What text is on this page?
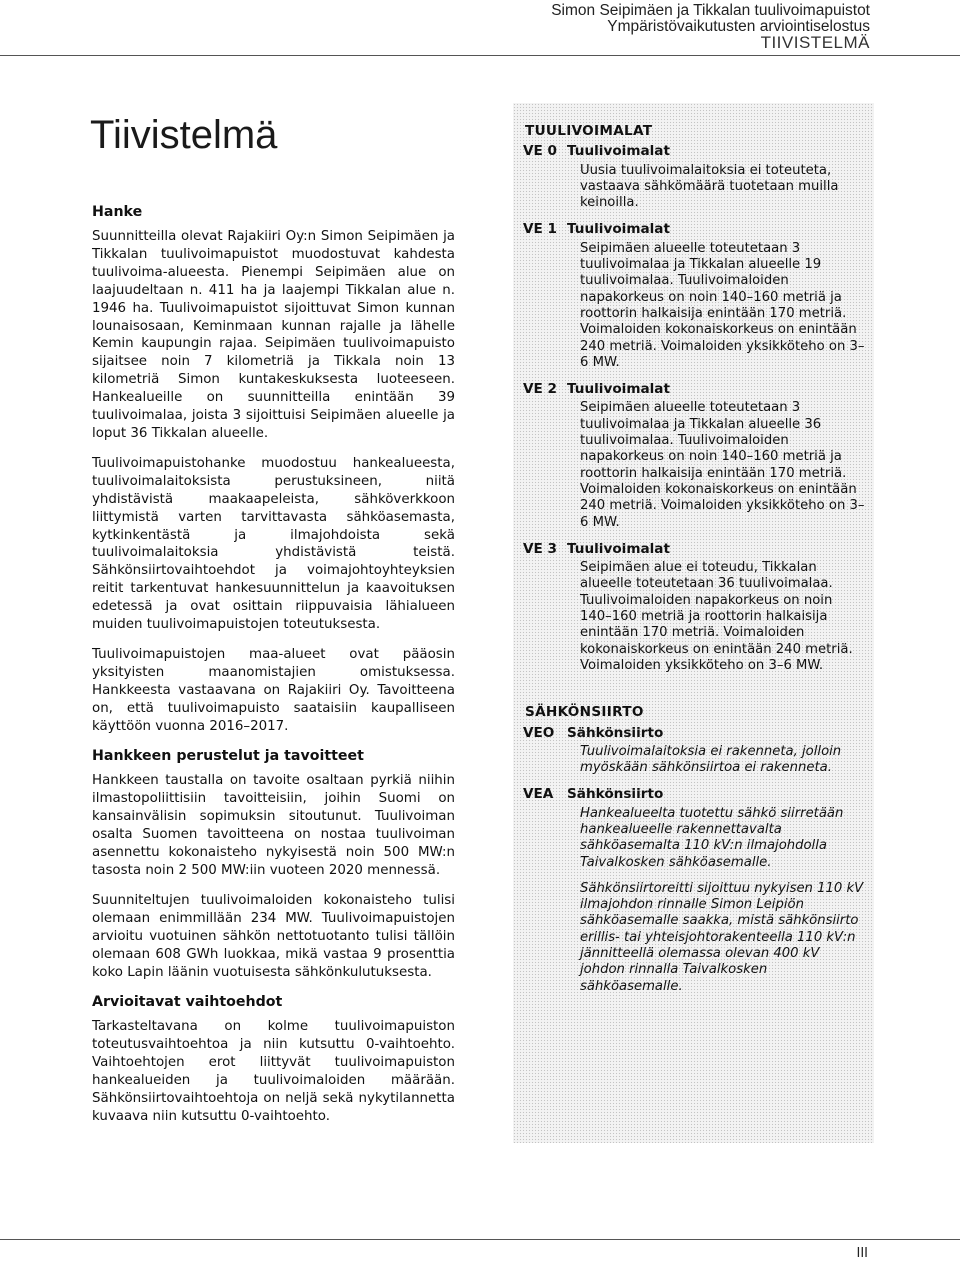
Simon Seipimäen ja Tikkalan tuulivoimapuistot
Ympäristövaikutusten arviointiselostus
TIIVISTELMÄ
Tiivistelmä
Hanke

Suunnitteilla olevat Rajakiiri Oy:n Simon Seipimäen ja Tikkalan tuulivoimapuistot muodostuvat kahdesta tuulivoima-alueesta. Pienempi Seipimäen alue on laajuudeltaan n. 411 ha ja laajempi Tikkalan alue n. 1946 ha. Tuulivoimapuistot sijoittuvat Simon kunnan lounaisosaan, Keminmaan kunnan rajalle ja lähelle Kemin kaupungin rajaa. Seipimäen tuulivoimapuisto sijaitsee noin 7 kilometriä ja Tikkala noin 13 kilometriä Simon kuntakeskuksesta luoteeseen. Hankealueille on suunnitteilla enintään 39 tuulivoimalaa, joista 3 sijoittuisi Seipimäen alueelle ja loput 36 Tikkalan alueelle.

Tuulivoimapuistohanke muodostuu hankealueesta, tuulivoimalaitoksista perustuksineen, niitä yhdistävistä maakaapeleista, sähköverkkoon liittymistä varten tarvittavasta sähköasemasta, kytkinkentästä ja ilmajohdoista sekä tuulivoimalaitoksia yhdistävistä teistä. Sähkönsiirtovaihtoehdot ja voimajohtoyhteyksien reitit tarkentuvat hankesuunnittelun ja kaavoituksen edetessä ja ovat osittain riippuvaisia lähialueen muiden tuulivoimapuistojen toteutuksesta.

Tuulivoimapuistojen maa-alueet ovat pääosin yksityisten maanomistajien omistuksessa. Hankkeesta vastaavana on Rajakiiri Oy. Tavoitteena on, että tuulivoimapuisto saataisiin kaupalliseen käyttöön vuonna 2016–2017.

Hankkeen perustelut ja tavoitteet

Hankkeen taustalla on tavoite osaltaan pyrkiä niihin ilmastopoliittisiin tavoitteisiin, joihin Suomi on kansainvälisin sopimuksin sitoutunut. Tuulivoiman osalta Suomen tavoitteena on nostaa tuulivoiman asennettu kokonaisteho nykyisestä noin 500 MW:n tasosta noin 2 500 MW:iin vuoteen 2020 mennessä.

Suunniteltujen tuulivoimaloiden kokonaisteho tulisi olemaan enimmillään 234 MW. Tuulivoimapuistojen arvioitu vuotuinen sähkön nettotuotanto tulisi tällöin olemaan 608 GWh luokkaa, mikä vastaa 9 prosenttia koko Lapin läänin vuotuisesta sähkönkulutuksesta.

Arvioitavat vaihtoehdot

Tarkasteltavana on kolme tuulivoimapuiston toteutusvaihtoehtoa ja niin kutsuttu 0-vaihtoehto. Vaihtoehtojen erot liittyvät tuulivoimapuiston hankealueiden ja tuulivoimaloiden määrään. Sähkönsiirtovaihtoehtoja on neljä sekä nykytilannetta kuvaava niin kutsuttu 0-vaihtoehto.

TUULIVOIMALAT
VE 0 Tuulivoimalat

Uusia tuulivoimalaitoksia ei toteuteta, vastaava sähkömäärä tuotetaan muilla keinoilla.

VE 1 Tuulivoimalat

Seipimäen alueelle toteutetaan 3 tuulivoimalaa ja Tikkalan alueelle 19 tuulivoimalaa. Tuulivoimaloiden napakorkeus on noin 140–160 metriä ja roottorin halkaisija enintään 170 metriä. Voimaloiden kokonaiskorkeus on enintään 240 metriä. Voimaloiden yksikköteho on 3–6 MW.

VE 2 Tuulivoimalat

Seipimäen alueelle toteutetaan 3 tuulivoimalaa ja Tikkalan alueelle 36 tuulivoimalaa. Tuulivoimaloiden napakorkeus on noin 140–160 metriä ja roottorin halkaisija enintään 170 metriä. Voimaloiden kokonaiskorkeus on enintään 240 metriä. Voimaloiden yksikköteho on 3–6 MW.

VE 3 Tuulivoimalat

Seipimäen alue ei toteudu, Tikkalan alueelle toteutetaan 36 tuulivoimalaa. Tuulivoimaloiden napakorkeus on noin 140–160 metriä ja roottorin halkaisija enintään 170 metriä. Voimaloiden kokonaiskorkeus on enintään 240 metriä. Voimaloiden yksikköteho on 3–6 MW.

SÄHKÖNSIIRTO
VEO Sähkönsiirto

Tuulivoimalaitoksia ei rakenneta, jolloin myöskään sähkönsiirtoa ei rakenneta.

VEA Sähkönsiirto

Hankealueelta tuotettu sähkö siirretään hankealueelle rakennettavalta sähköasemalta 110 kV:n ilmajohdolla Taivalkosken sähköasemalle.

Sähkönsiirtoreitti sijoittuu nykyisen 110 kV ilmajohdon rinnalle Simon Leipiön sähköasemalle saakka, mistä sähkönsiirto erillis- tai yhteisjohtorakenteella 110 kV:n jännitteellä olemassa olevan 400 kV johdon rinnalla Taivalkosken sähköasemalle.

III
